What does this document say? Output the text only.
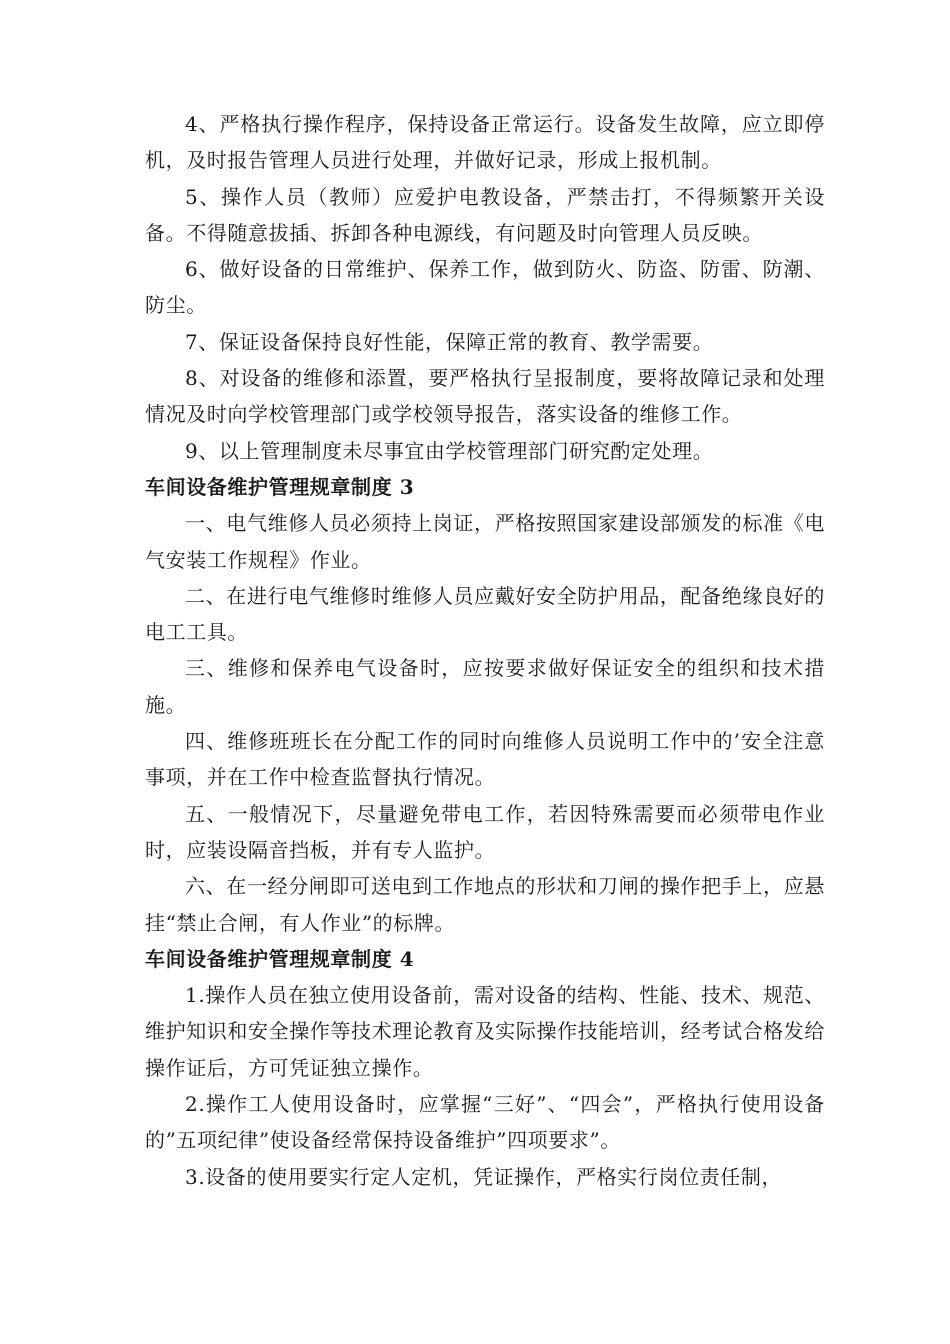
4、严格执行操作程序，保持设备正常运行。设备发生故障，应立即停机，及时报告管理人员进行处理，并做好记录，形成上报机制。

5、操作人员（教师）应爱护电教设备，严禁击打，不得频繁开关设备。不得随意拔插、拆卸各种电源线，有问题及时向管理人员反映。

6、做好设备的日常维护、保养工作，做到防火、防盗、防雷、防潮、防尘。

7、保证设备保持良好性能，保障正常的教育、教学需要。

8、对设备的维修和添置，要严格执行呈报制度，要将故障记录和处理情况及时向学校管理部门或学校领导报告，落实设备的维修工作。

9、以上管理制度未尽事宜由学校管理部门研究酌定处理。

车间设备维护管理规章制度 3

一、电气维修人员必须持上岗证，严格按照国家建设部颁发的标准《电气安装工作规程》作业。

二、在进行电气维修时维修人员应戴好安全防护用品，配备绝缘良好的电工工具。

三、维修和保养电气设备时，应按要求做好保证安全的组织和技术措施。

四、维修班班长在分配工作的同时向维修人员说明工作中的’安全注意事项，并在工作中检查监督执行情况。

五、一般情况下，尽量避免带电工作，若因特殊需要而必须带电作业时，应装设隔音挡板，并有专人监护。

六、在一经分闸即可送电到工作地点的形状和刀闸的操作把手上，应悬挂“禁止合闸，有人作业”的标牌。

车间设备维护管理规章制度 4

1.操作人员在独立使用设备前，需对设备的结构、性能、技术、规范、维护知识和安全操作等技术理论教育及实际操作技能培训，经考试合格发给操作证后，方可凭证独立操作。

2.操作工人使用设备时，应掌握“三好”、“四会”，严格执行使用设备的”五项纪律”使设备经常保持设备维护”四项要求”。

3.设备的使用要实行定人定机，凭证操作，严格实行岗位责任制，
